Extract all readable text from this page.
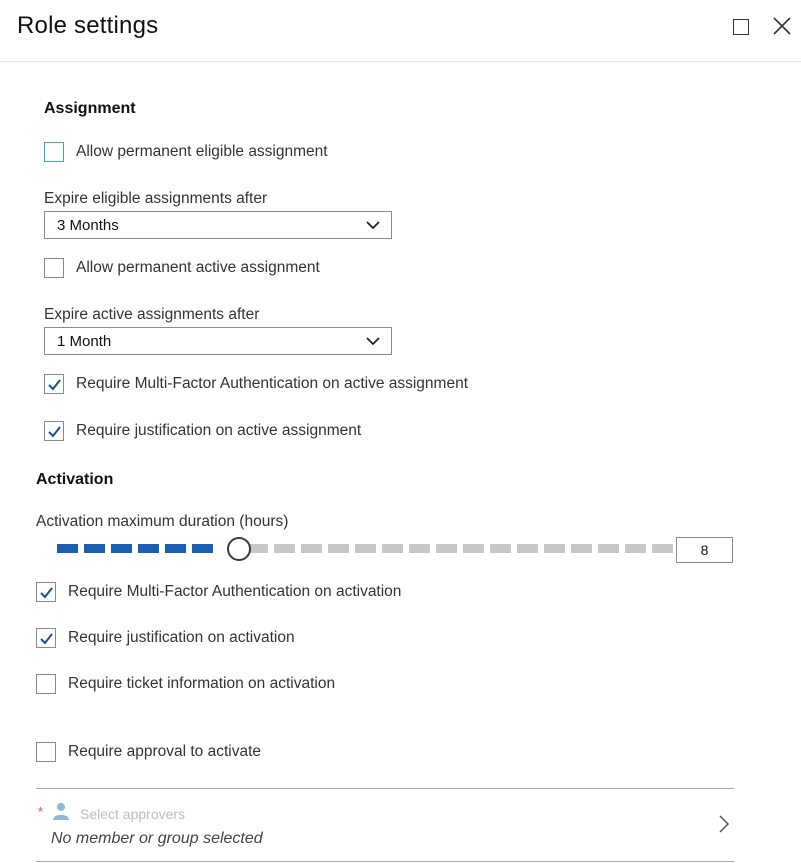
Role settings
Assignment
Allow permanent eligible assignment
Expire eligible assignments after
3 Months
Allow permanent active assignment
Expire active assignments after
1 Month
Require Multi-Factor Authentication on active assignment
Require justification on active assignment
Activation
Activation maximum duration (hours)
8
Require Multi-Factor Authentication on activation
Require justification on activation
Require ticket information on activation
Require approval to activate
*	Select approvers
No member or group selected
